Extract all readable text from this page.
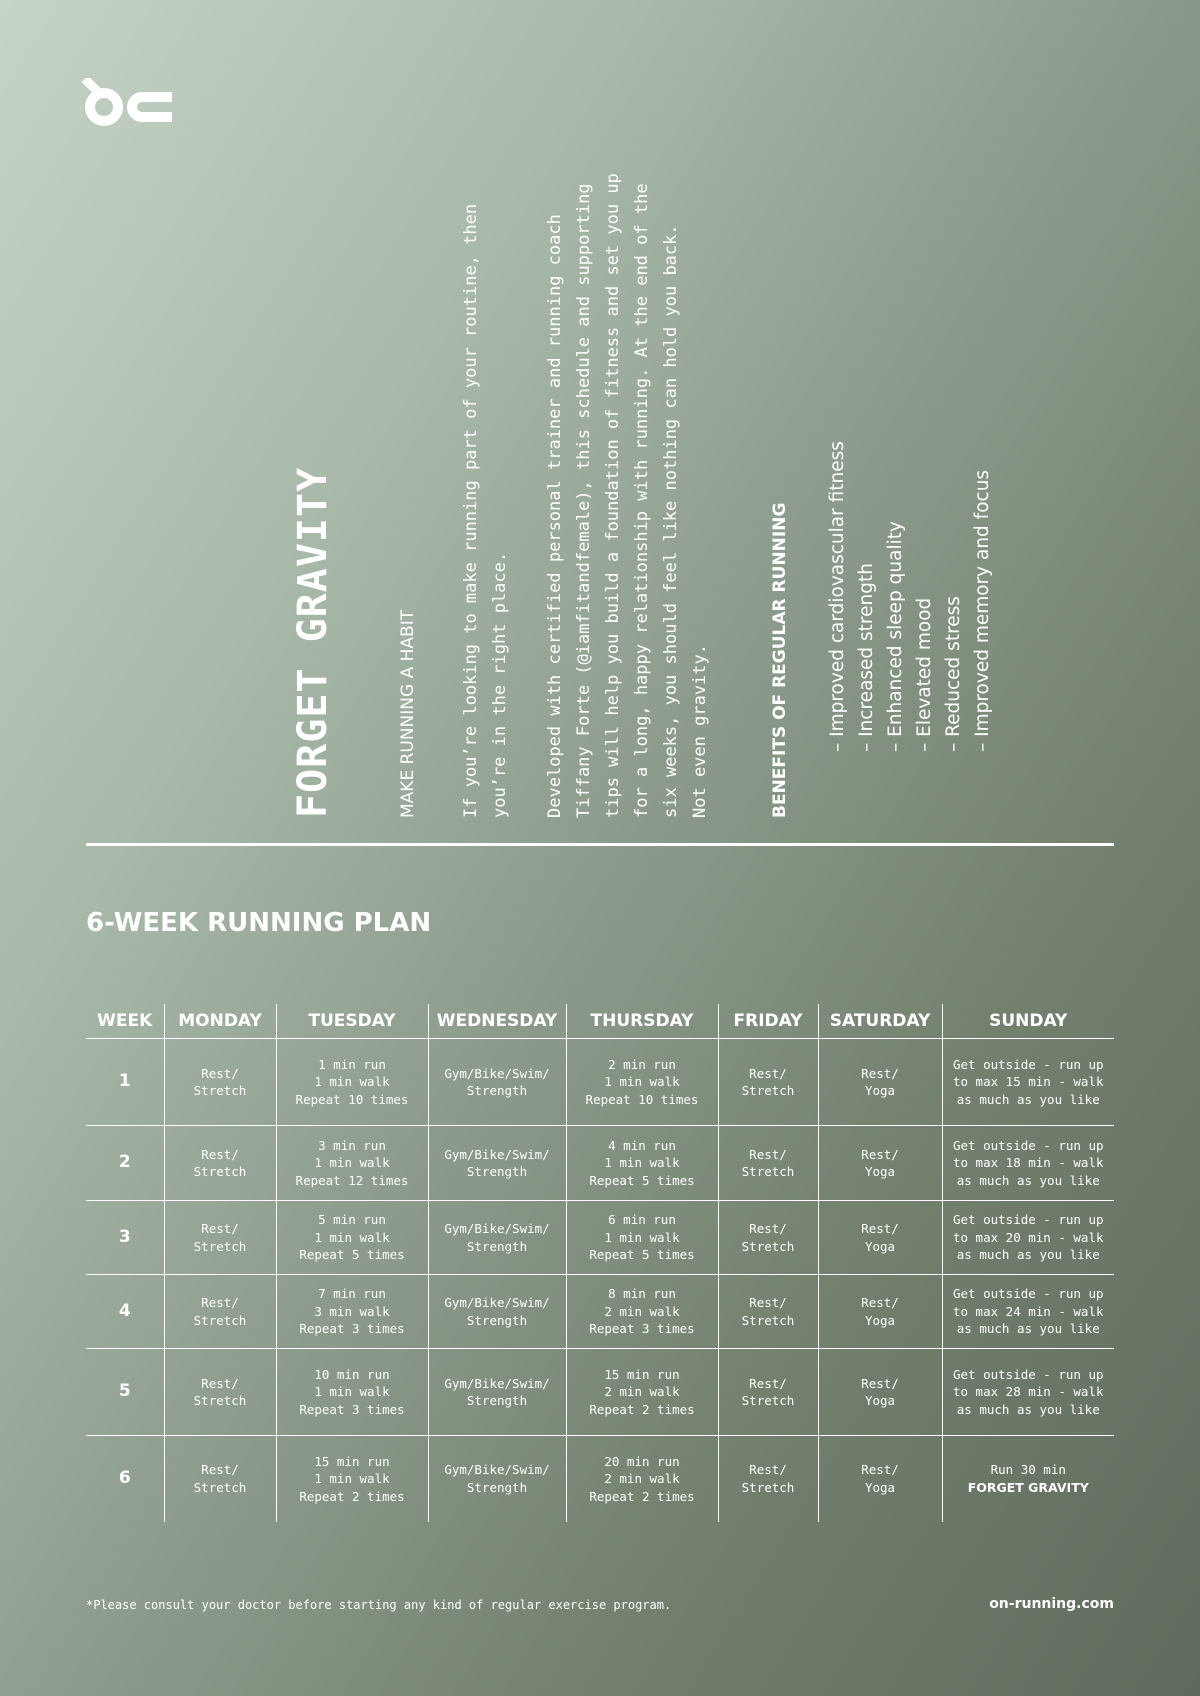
FORGET GRAVITY	MAKE RUNNING A HABIT	If you’re looking to make running part of your routine, then
you’re in the right place.
Developed with certified personal trainer and running coach
Tiffany Forte (@iamfitandfemale), this schedule and supporting
tips will help you build a foundation of fitness and set you up
for a long, happy relationship with running. At the end of the
six weeks, you should feel like nothing can hold you back.
Not even gravity.	BENEFITS OF REGULAR RUNNING – Improved cardiovascular fitness – Increased strength – Enhanced sleep quality – Elevated mood – Reduced stress – Improved memory and focus
6-WEEK RUNNING PLAN
WEEK	MONDAY	TUESDAY	WEDNESDAY	THURSDAY	FRIDAY	SATURDAY	SUNDAY
1	Rest/
Stretch	1 min run
1 min walk
Repeat 10 times	Gym/Bike/Swim/
Strength	2 min run
1 min walk
Repeat 10 times	Rest/
Stretch	Rest/
Yoga	Get outside - run up
to max 15 min - walk
as much as you like
2	Rest/
Stretch	3 min run
1 min walk
Repeat 12 times	Gym/Bike/Swim/
Strength	4 min run
1 min walk
Repeat 5 times	Rest/
Stretch	Rest/
Yoga	Get outside - run up
to max 18 min - walk
as much as you like
3	Rest/
Stretch	5 min run
1 min walk
Repeat 5 times	Gym/Bike/Swim/
Strength	6 min run
1 min walk
Repeat 5 times	Rest/
Stretch	Rest/
Yoga	Get outside - run up
to max 20 min - walk
as much as you like
4	Rest/
Stretch	7 min run
3 min walk
Repeat 3 times	Gym/Bike/Swim/
Strength	8 min run
2 min walk
Repeat 3 times	Rest/
Stretch	Rest/
Yoga	Get outside - run up
to max 24 min - walk
as much as you like
5	Rest/
Stretch	10 min run
1 min walk
Repeat 3 times	Gym/Bike/Swim/
Strength	15 min run
2 min walk
Repeat 2 times	Rest/
Stretch	Rest/
Yoga	Get outside - run up
to max 28 min - walk
as much as you like
6	Rest/
Stretch	15 min run
1 min walk
Repeat 2 times	Gym/Bike/Swim/
Strength	20 min run
2 min walk
Repeat 2 times	Rest/
Stretch	Rest/
Yoga	Run 30 min
FORGET GRAVITY
*Please consult your doctor before starting any kind of regular exercise program.	on-running.com
